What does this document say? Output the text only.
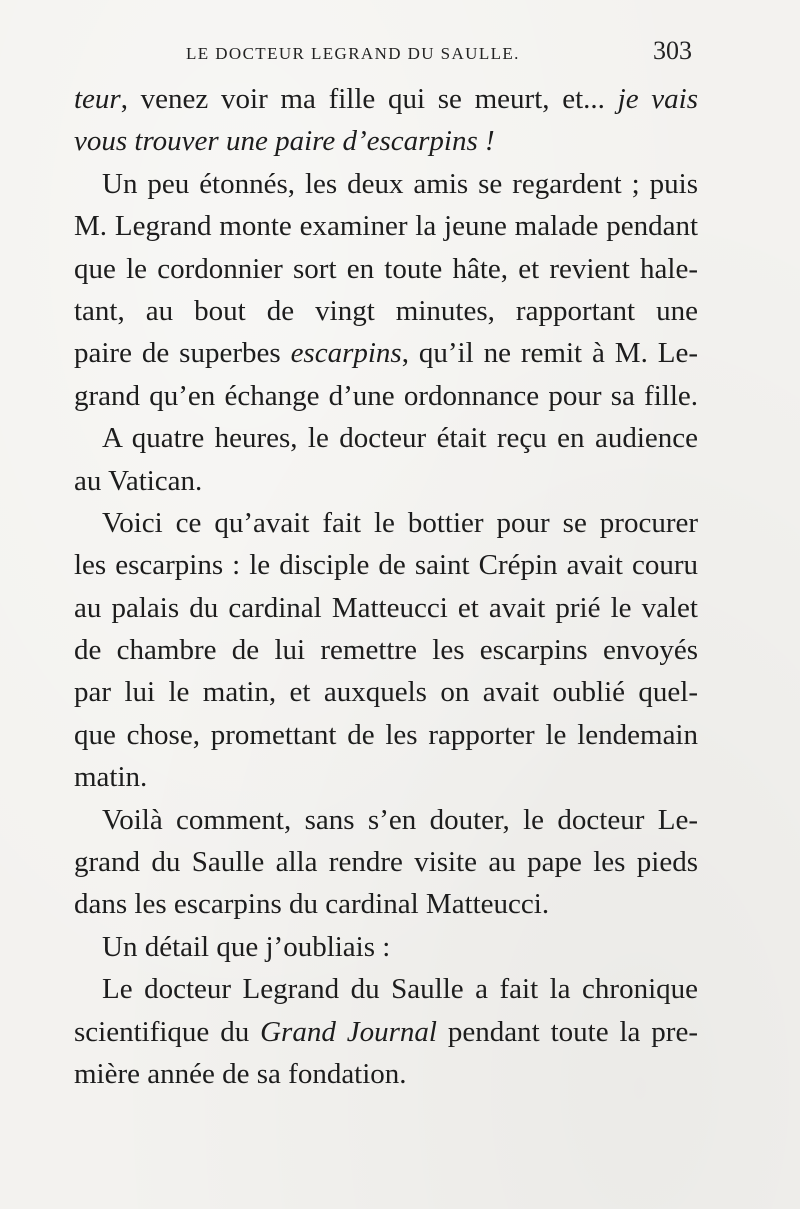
LE DOCTEUR LEGRAND DU SAULLE.	303
teur, venez voir ma fille qui se meurt, et... je vais
vous trouver une paire d’escarpins !
Un peu étonnés, les deux amis se regardent ; puis
M. Legrand monte examiner la jeune malade pendant
que le cordonnier sort en toute hâte, et revient hale-
tant, au bout de vingt minutes, rapportant une
paire de superbes escarpins, qu’il ne remit à M. Le-
grand qu’en échange d’une ordonnance pour sa fille.
A quatre heures, le docteur était reçu en audience
au Vatican.
Voici ce qu’avait fait le bottier pour se procurer
les escarpins : le disciple de saint Crépin avait couru
au palais du cardinal Matteucci et avait prié le valet
de chambre de lui remettre les escarpins envoyés
par lui le matin, et auxquels on avait oublié quel-
que chose, promettant de les rapporter le lendemain
matin.
Voilà comment, sans s’en douter, le docteur Le-
grand du Saulle alla rendre visite au pape les pieds
dans les escarpins du cardinal Matteucci.
Un détail que j’oubliais :
Le docteur Legrand du Saulle a fait la chronique
scientifique du Grand Journal pendant toute la pre-
mière année de sa fondation.
